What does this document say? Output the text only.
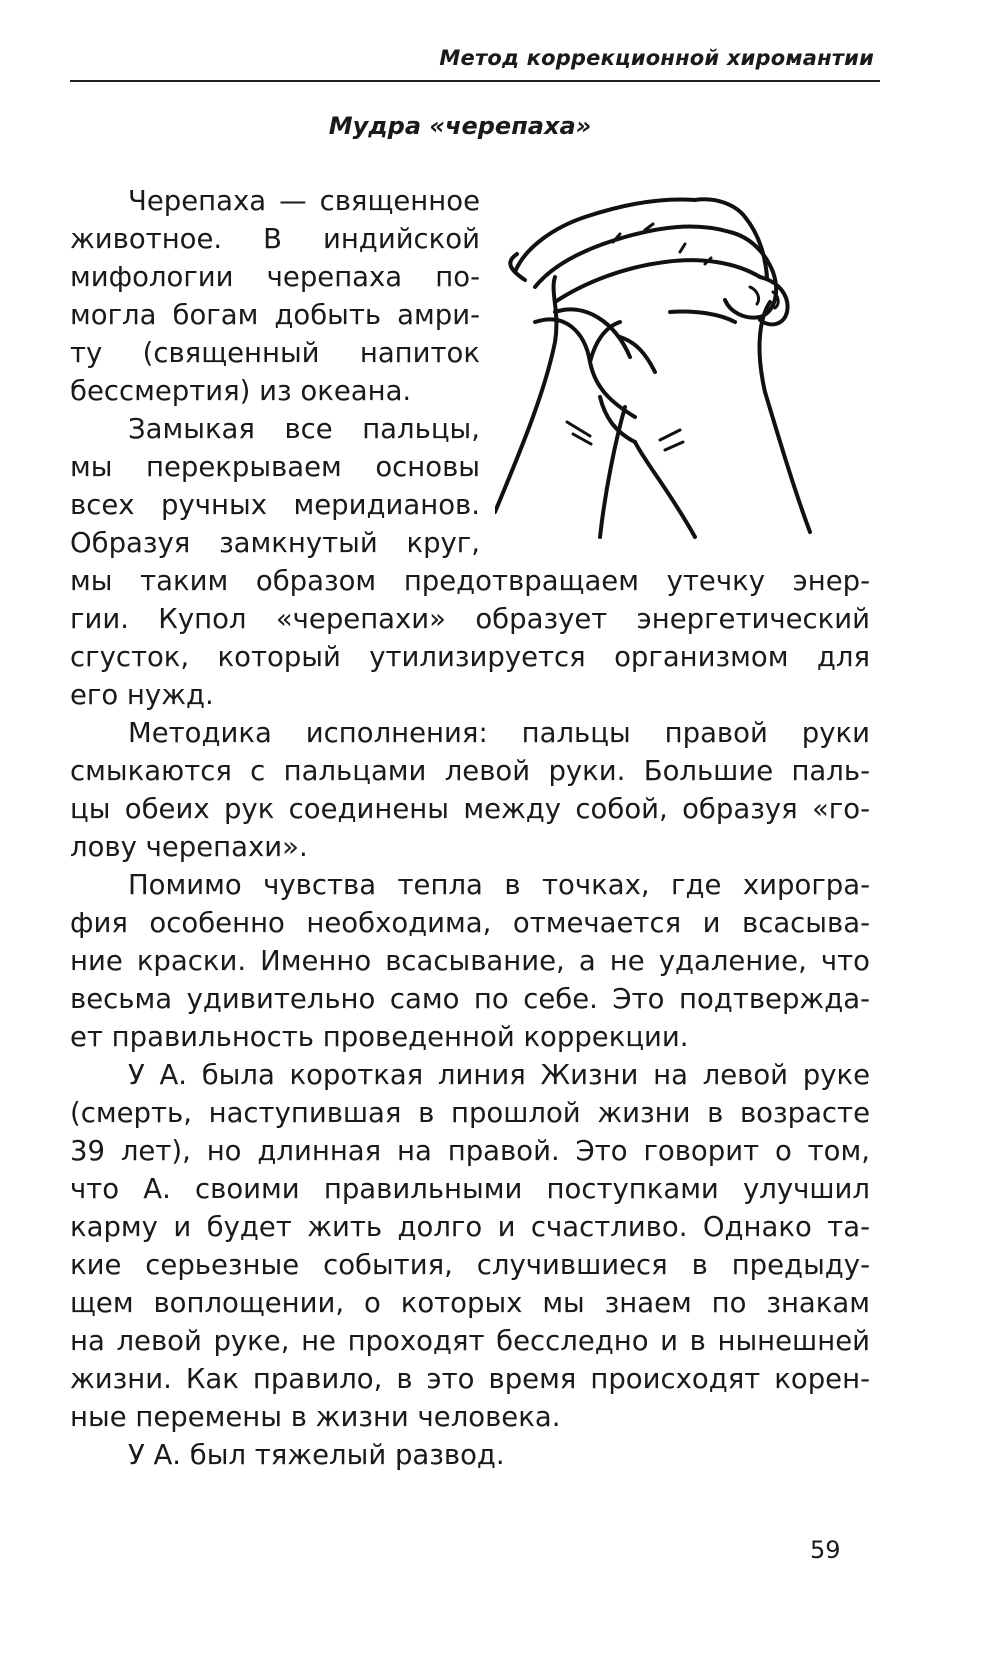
Метод коррекционной хиромантии
Мудра «черепаха»
Черепаха — священное
животное. В индийской
мифологии черепаха по-
могла богам добыть амри-
ту (священный напиток
бессмертия) из океана.
Замыкая все пальцы,
мы перекрываем основы
всех ручных меридианов.
Образуя замкнутый круг,
мы таким образом предотвращаем утечку энер-
гии. Купол «черепахи» образует энергетический
сгусток, который утилизируется организмом для
его нужд.
Методика исполнения: пальцы правой руки
смыкаются с пальцами левой руки. Большие паль-
цы обеих рук соединены между собой, образуя «го-
лову черепахи».
Помимо чувства тепла в точках, где хирогра-
фия особенно необходима, отмечается и всасыва-
ние краски. Именно всасывание, а не удаление, что
весьма удивительно само по себе. Это подтвержда-
ет правильность проведенной коррекции.
У А. была короткая линия Жизни на левой руке
(смерть, наступившая в прошлой жизни в возрасте
39 лет), но длинная на правой. Это говорит о том,
что А. своими правильными поступками улучшил
карму и будет жить долго и счастливо. Однако та-
кие серьезные события, случившиеся в предыду-
щем воплощении, о которых мы знаем по знакам
на левой руке, не проходят бесследно и в нынешней
жизни. Как правило, в это время происходят корен-
ные перемены в жизни человека.
У А. был тяжелый развод.
59
